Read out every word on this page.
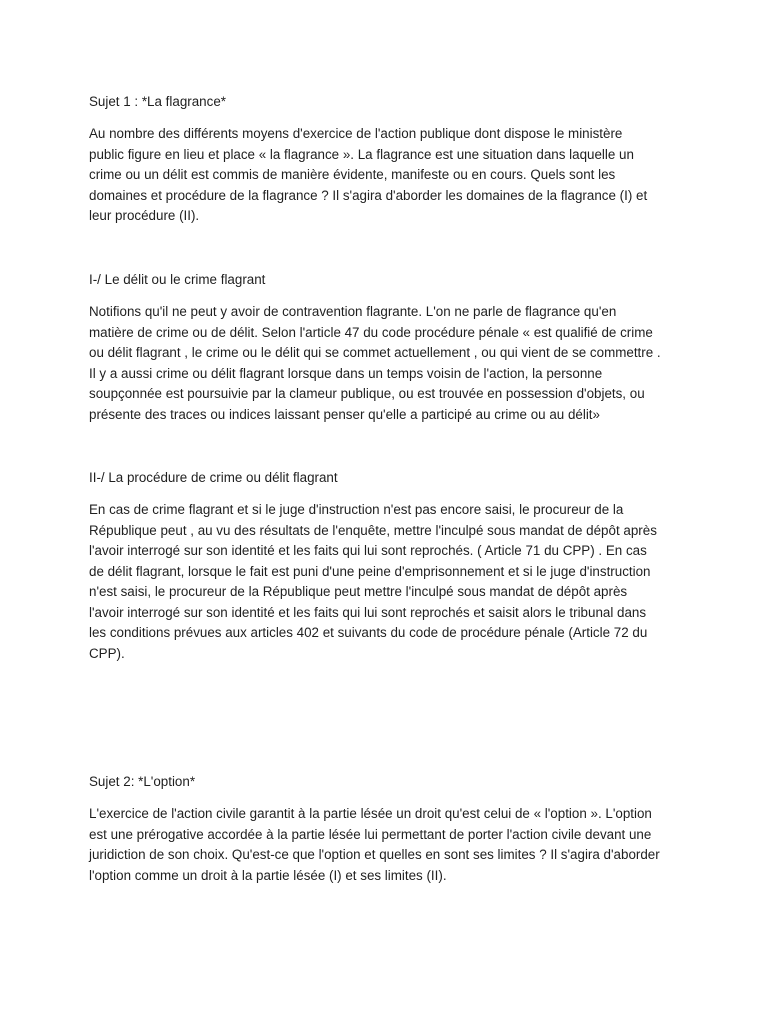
Sujet 1 : *La flagrance*

Au nombre des différents moyens d'exercice de l'action publique dont dispose le ministère
public figure en lieu et place « la flagrance ». La flagrance est une situation dans laquelle un
crime ou un délit est commis de manière évidente, manifeste ou en cours. Quels sont les
domaines et procédure de la flagrance ? Il s'agira d'aborder les domaines de la flagrance (I) et
leur procédure (II).

I-/ Le délit ou le crime flagrant

Notifions qu'il ne peut y avoir de contravention flagrante. L'on ne parle de flagrance qu'en
matière de crime ou de délit. Selon l'article 47 du code procédure pénale « est qualifié de crime
ou délit flagrant , le crime ou le délit qui se commet actuellement , ou qui vient de se commettre .
Il y a aussi crime ou délit flagrant lorsque dans un temps voisin de l'action, la personne
soupçonnée est poursuivie par la clameur publique, ou est trouvée en possession d'objets, ou
présente des traces ou indices laissant penser qu'elle a participé au crime ou au délit»

II-/ La procédure de crime ou délit flagrant

En cas de crime flagrant et si le juge d'instruction n'est pas encore saisi, le procureur de la
République peut , au vu des résultats de l'enquête, mettre l'inculpé sous mandat de dépôt après
l'avoir interrogé sur son identité et les faits qui lui sont reprochés. ( Article 71 du CPP) . En cas
de délit flagrant, lorsque le fait est puni d'une peine d'emprisonnement et si le juge d'instruction
n'est saisi, le procureur de la République peut mettre l'inculpé sous mandat de dépôt après
l'avoir interrogé sur son identité et les faits qui lui sont reprochés et saisit alors le tribunal dans
les conditions prévues aux articles 402 et suivants du code de procédure pénale (Article 72 du
CPP).

Sujet 2: *L'option*

L'exercice de l'action civile garantit à la partie lésée un droit qu'est celui de « l'option ». L'option
est une prérogative accordée à la partie lésée lui permettant de porter l'action civile devant une
juridiction de son choix. Qu'est-ce que l'option et quelles en sont ses limites ? Il s'agira d'aborder
l'option comme un droit à la partie lésée (I) et ses limites (II).
